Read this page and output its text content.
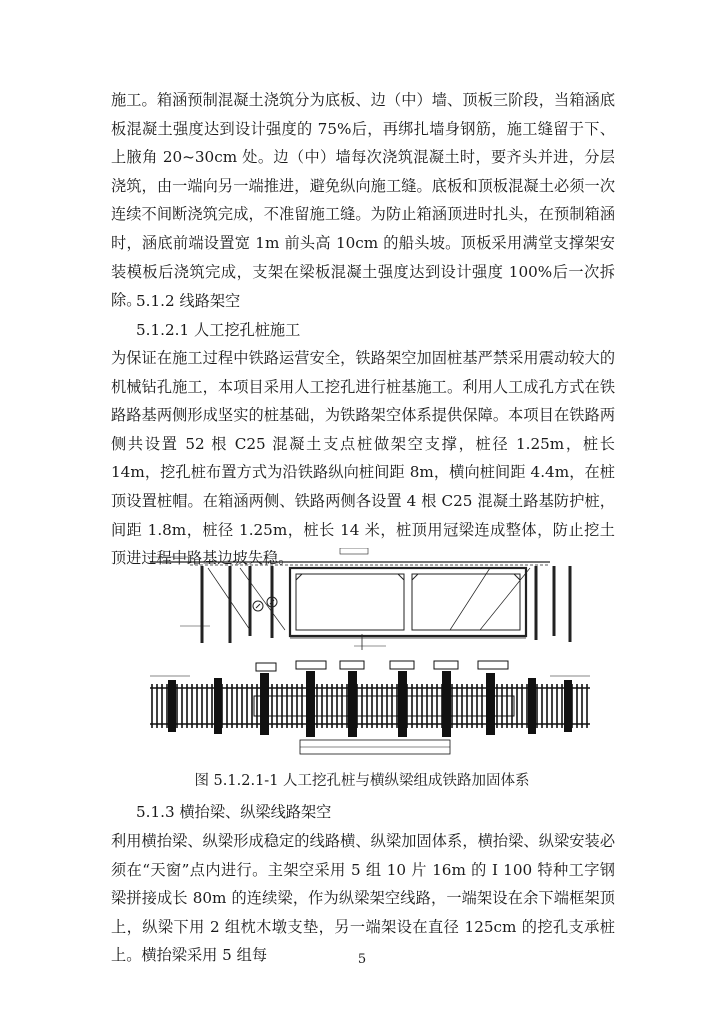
施工。箱涵预制混凝土浇筑分为底板、边（中）墙、顶板三阶段，当箱涵底板混凝土强度达到设计强度的 75%后，再绑扎墙身钢筋，施工缝留于下、上腋角 20~30cm 处。边（中）墙每次浇筑混凝土时，要齐头并进，分层浇筑，由一端向另一端推进，避免纵向施工缝。底板和顶板混凝土必须一次连续不间断浇筑完成，不准留施工缝。为防止箱涵顶进时扎头，在预制箱涵时，涵底前端设置宽 1m 前头高 10cm 的船头坡。顶板采用满堂支撑架安装模板后浇筑完成，支架在梁板混凝土强度达到设计强度 100%后一次拆除。

5.1.2 线路架空

5.1.2.1 人工挖孔桩施工

为保证在施工过程中铁路运营安全，铁路架空加固桩基严禁采用震动较大的机械钻孔施工，本项目采用人工挖孔进行桩基施工。利用人工成孔方式在铁路路基两侧形成坚实的桩基础，为铁路架空体系提供保障。本项目在铁路两侧共设置 52 根 C25 混凝土支点桩做架空支撑，桩径 1.25m，桩长 14m，挖孔桩布置方式为沿铁路纵向桩间距 8m，横向桩间距 4.4m，在桩顶设置桩帽。在箱涵两侧、铁路两侧各设置 4 根 C25 混凝土路基防护桩，间距 1.8m，桩径 1.25m，桩长 14 米，桩顶用冠梁连成整体，防止挖土顶进过程中路基边坡失稳。

图 5.1.2.1-1 人工挖孔桩与横纵梁组成铁路加固体系

5.1.3 横抬梁、纵梁线路架空

利用横抬梁、纵梁形成稳定的线路横、纵梁加固体系，横抬梁、纵梁安装必须在“天窗”点内进行。主架空采用 5 组 10 片 16m 的 I 100 特种工字钢梁拼接成长 80m 的连续梁，作为纵梁架空线路，一端架设在余下端框架顶上，纵梁下用 2 组枕木墩支垫，另一端架设在直径 125cm 的挖孔支承桩上。横抬梁采用 5 组每	5
